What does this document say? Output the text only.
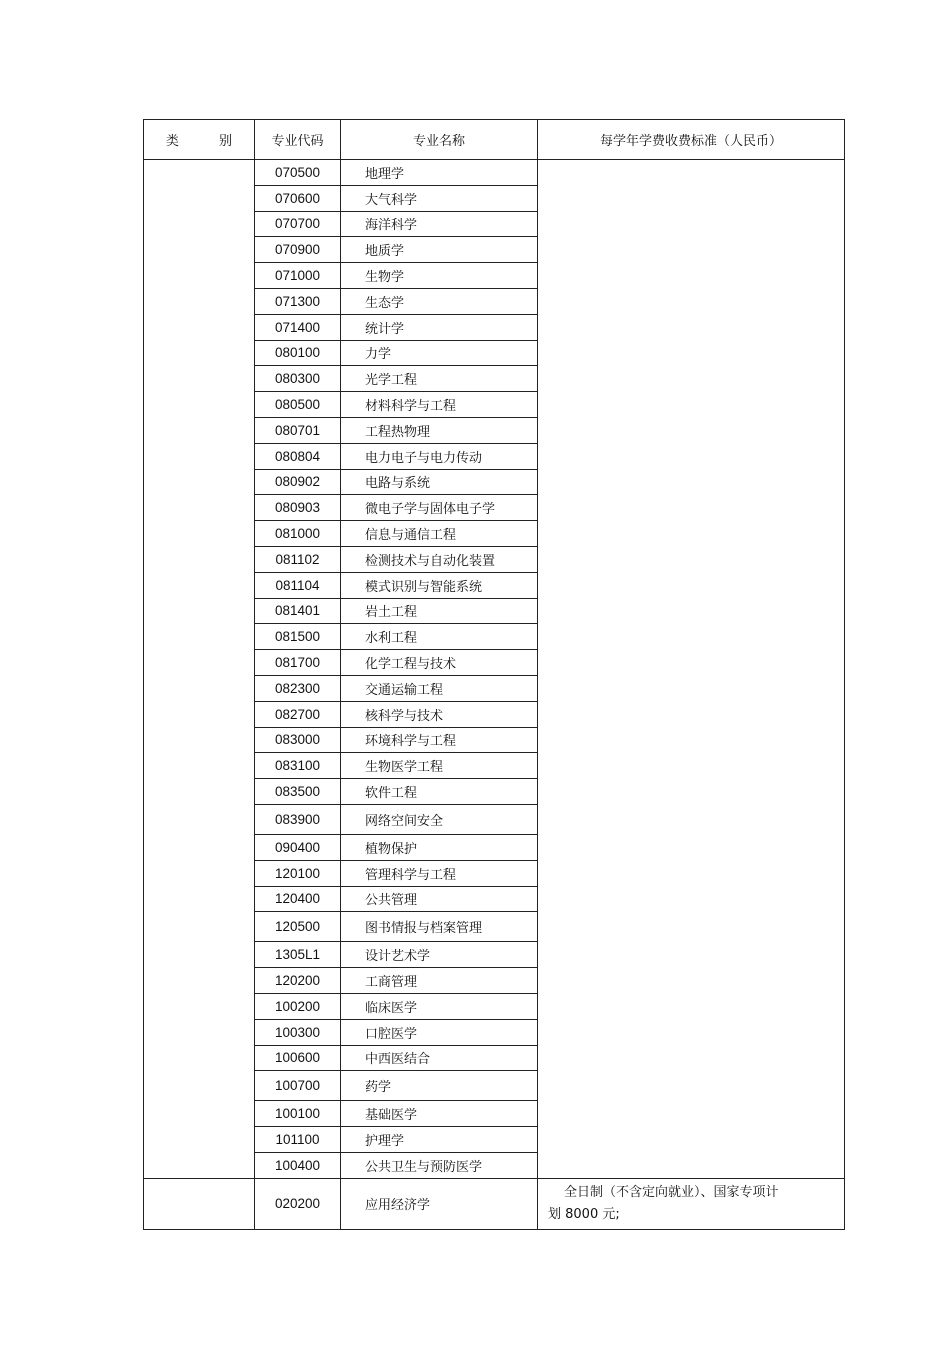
类 别	专业代码	专业名称	每学年学费收费标准（人民币）
	070500	地理学	
	070600	大气科学	
	070700	海洋科学	
	070900	地质学	
	071000	生物学	
	071300	生态学	
	071400	统计学	
	080100	力学	
	080300	光学工程	
	080500	材料科学与工程	
	080701	工程热物理	
	080804	电力电子与电力传动	
	080902	电路与系统	
	080903	微电子学与固体电子学	
	081000	信息与通信工程	
	081102	检测技术与自动化装置	
	081104	模式识别与智能系统	
	081401	岩土工程	
	081500	水利工程	
	081700	化学工程与技术	
	082300	交通运输工程	
	082700	核科学与技术	
	083000	环境科学与工程	
	083100	生物医学工程	
	083500	软件工程	
	083900	网络空间安全	
	090400	植物保护	
	120100	管理科学与工程	
	120400	公共管理	
	120500	图书情报与档案管理	
	1305L1	设计艺术学	
	120200	工商管理	
	100200	临床医学	
	100300	口腔医学	
	100600	中西医结合	
	100700	药学	
	100100	基础医学	
	101100	护理学	
	100400	公共卫生与预防医学	
	020200	应用经济学	全日制（不含定向就业）、国家专项计
划 8000 元;
